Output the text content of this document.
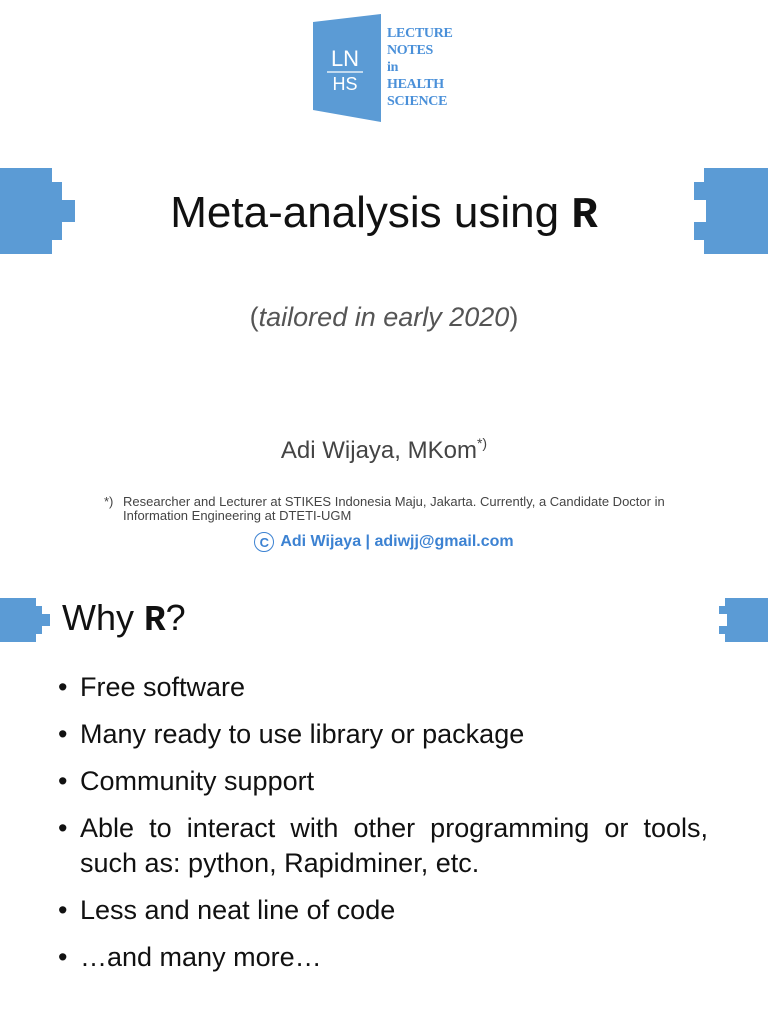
LN
HS
LECTURE
NOTES
in
HEALTH
SCIENCE
Meta-analysis using R
(tailored in early 2020)
Adi Wijaya, MKom*)
*) Researcher and Lecturer at STIKES Indonesia Maju, Jakarta. Currently, a Candidate Doctor in Information Engineering at DTETI-UGM
C Adi Wijaya | adiwjj@gmail.com
Why R?
• Free software
• Many ready to use library or package
• Community support
• Able to interact with other programming or tools, such as: python, Rapidminer, etc.
• Less and neat line of code
• …and many more…
